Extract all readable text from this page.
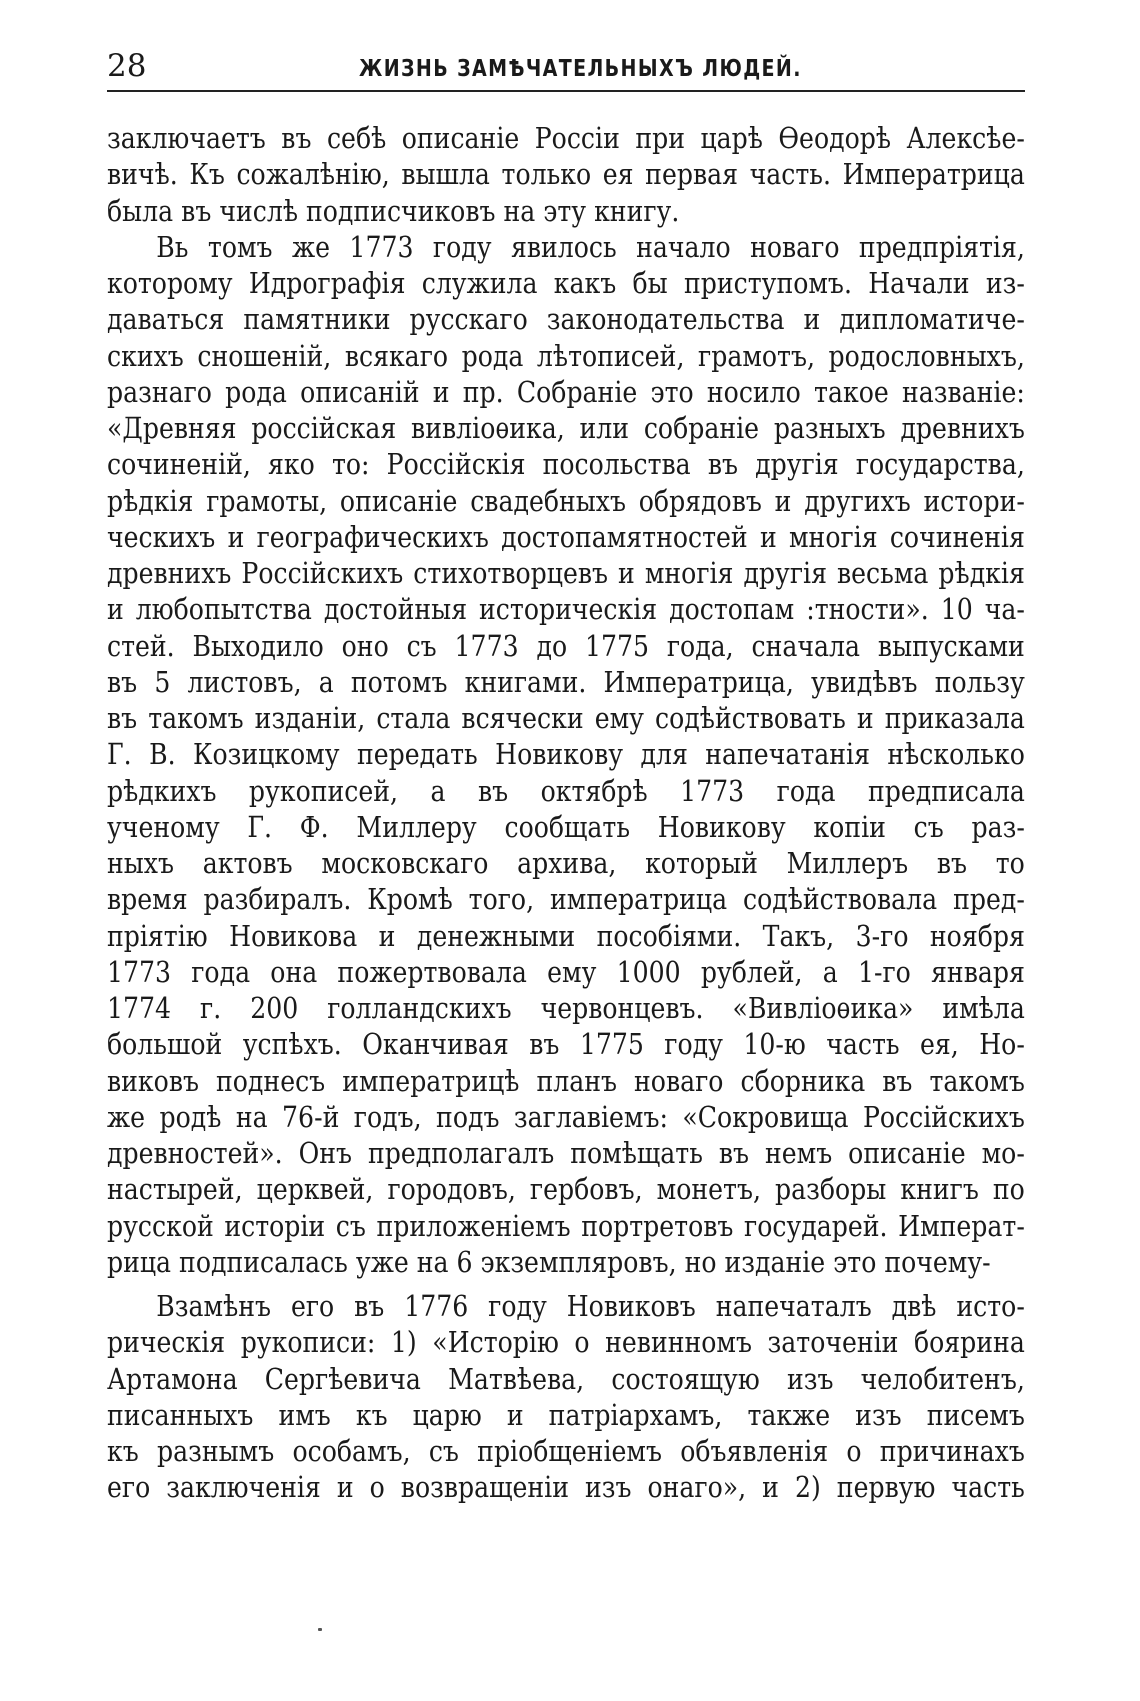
28	ЖИЗНЬ ЗАМѢЧАТЕЛЬНЫХЪ ЛЮДЕЙ.
заключаетъ въ себѣ описаніе Россіи при царѣ Ѳеодорѣ Алексѣе-
вичѣ. Къ сожалѣнію, вышла только ея первая часть. Императрица
была въ числѣ подписчиковъ на эту книгу.
Вь томъ же 1773 году явилось начало новаго предпріятія,
которому Идрографія служила какъ бы приступомъ. Начали из-
даваться памятники русскаго законодательства и дипломатиче-
скихъ сношеній, всякаго рода лѣтописей, грамотъ, родословныхъ,
разнаго рода описаній и пр. Собраніе это носило такое названіе:
«Древняя россійская вивліоѳика, или собраніе разныхъ древнихъ
сочиненій, яко то: Россійскія посольства въ другія государства,
рѣдкія грамоты, описаніе свадебныхъ обрядовъ и другихъ истори-
ческихъ и географическихъ достопамятностей и многія сочиненія
древнихъ Россійскихъ стихотворцевъ и многія другія весьма рѣдкія
и любопытства достойныя историческія достопам :тности». 10 ча-
стей. Выходило оно съ 1773 до 1775 года, сначала выпусками
въ 5 листовъ, а потомъ книгами. Императрица, увидѣвъ пользу
въ такомъ изданіи, стала всячески ему содѣйствовать и приказала
Г. В. Козицкому передать Новикову для напечатанія нѣсколько
рѣдкихъ рукописей, а въ октябрѣ 1773 года предписала
ученому Г. Ф. Миллеру сообщать Новикову копіи съ раз-
ныхъ актовъ московскаго архива, который Миллеръ въ то
время разбиралъ. Кромѣ того, императрица содѣйствовала пред-
пріятію Новикова и денежными пособіями. Такъ, 3-го ноября
1773 года она пожертвовала ему 1000 рублей, а 1-го января
1774 г. 200 голландскихъ червонцевъ. «Вивліоѳика» имѣла
большой успѣхъ. Оканчивая въ 1775 году 10-ю часть ея, Но-
виковъ поднесъ императрицѣ планъ новаго сборника въ такомъ
же родѣ на 76-й годъ, подъ заглавіемъ: «Сокровища Россійскихъ
древностей». Онъ предполагалъ помѣщать въ немъ описаніе мо-
настырей, церквей, городовъ, гербовъ, монетъ, разборы книгъ по
русской исторіи съ приложеніемъ портретовъ государей. Императ-
рица подписалась уже на 6 экземпляровъ, но изданіе это почему-
Взамѣнъ его въ 1776 году Новиковъ напечаталъ двѣ исто-
рическія рукописи: 1) «Исторію о невинномъ заточеніи боярина
Артамона Сергѣевича Матвѣева, состоящую изъ челобитенъ,
писанныхъ имъ къ царю и патріархамъ, также изъ писемъ
къ разнымъ особамъ, съ пріобщеніемъ объявленія о причинахъ
его заключенія и о возвращеніи изъ онаго», и 2) первую часть
